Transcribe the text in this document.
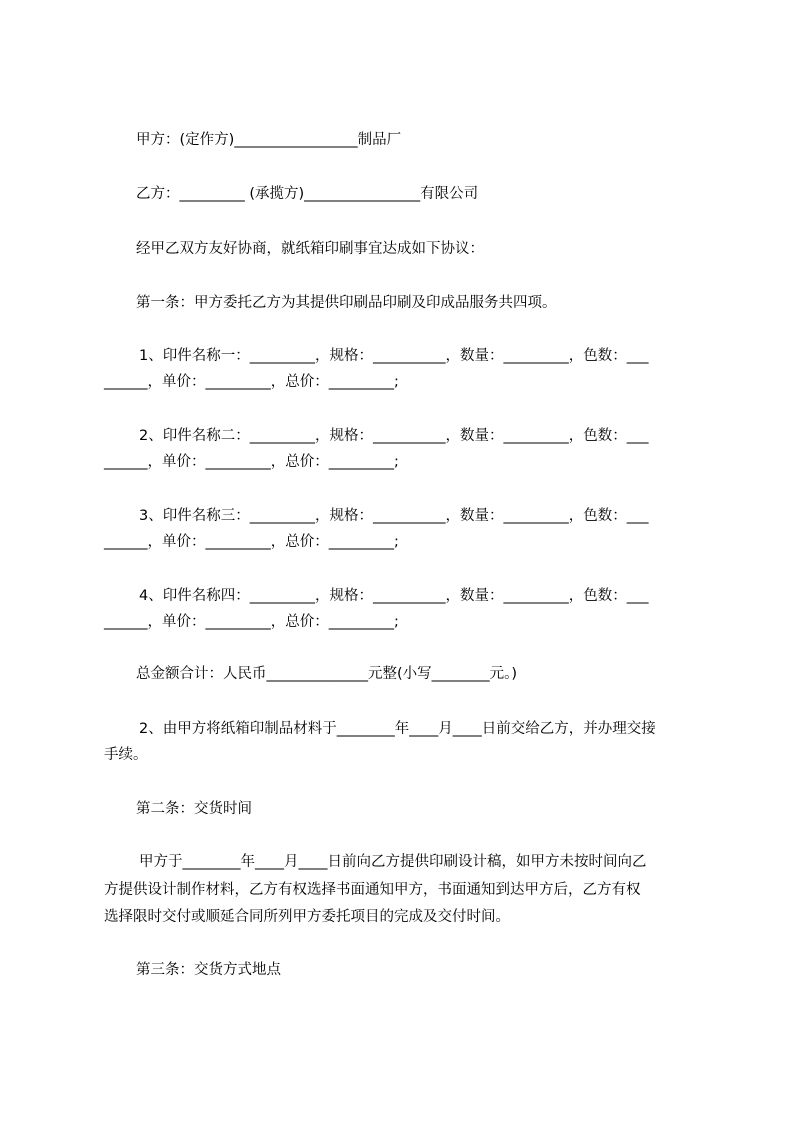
甲方：(定作方)_________________制品厂
乙方：_________ (承揽方)________________有限公司
经甲乙双方友好协商，就纸箱印刷事宜达成如下协议：
第一条：甲方委托乙方为其提供印刷品印刷及印成品服务共四项。
1、印件名称一：_________，规格：__________，数量：_________，色数：___
______，单价：_________，总价：_________;
2、印件名称二：_________，规格：__________，数量：_________，色数：___
______，单价：_________，总价：_________;
3、印件名称三：_________，规格：__________，数量：_________，色数：___
______，单价：_________，总价：_________;
4、印件名称四：_________，规格：__________，数量：_________，色数：___
______，单价：_________，总价：_________;
总金额合计：人民币______________元整(小写________元。)
2、由甲方将纸箱印制品材料于________年____月____日前交给乙方，并办理交接
手续。
第二条：交货时间
甲方于________年____月____日前向乙方提供印刷设计稿，如甲方未按时间向乙
方提供设计制作材料，乙方有权选择书面通知甲方，书面通知到达甲方后，乙方有权
选择限时交付或顺延合同所列甲方委托项目的完成及交付时间。
第三条：交货方式地点
